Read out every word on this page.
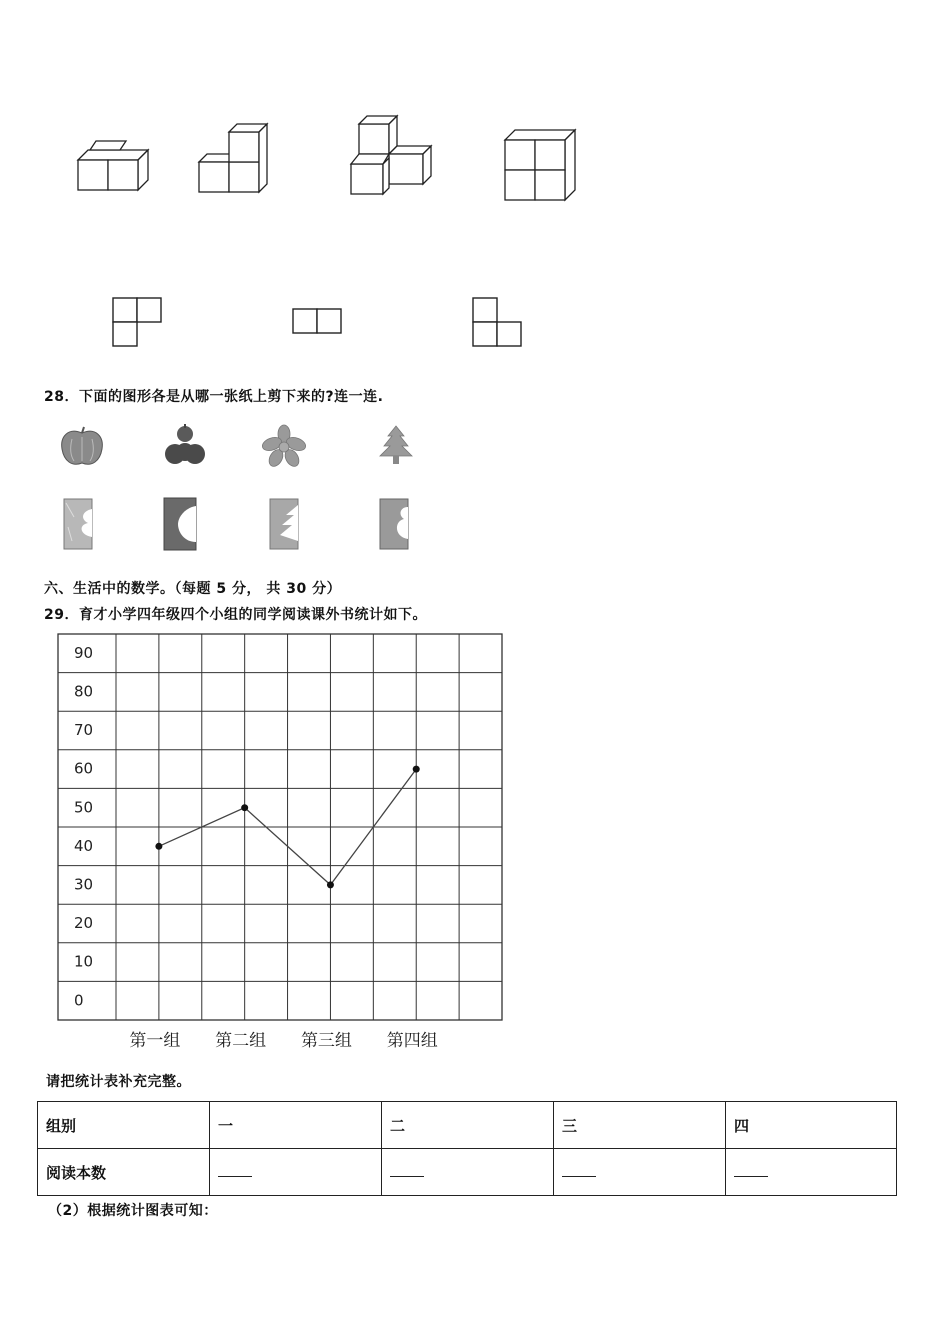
28．下面的图形各是从哪一张纸上剪下来的?连一连.
六、生活中的数学。（每题 5 分， 共 30 分）
29．育才小学四年级四个小组的同学阅读课外书统计如下。
90
80
70
60
50
40
30
20
10
0
第一组 第二组 第三组 第四组
请把统计表补充完整。
组别	一	二	三	四
阅读本数				
（2）根据统计图表可知：
